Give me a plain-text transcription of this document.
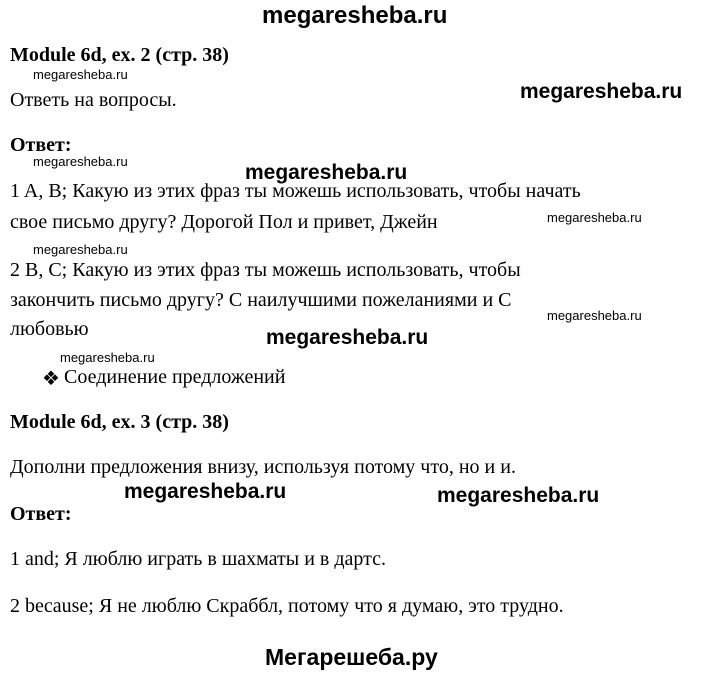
megaresheba.ru
Module 6d, ex. 2 (стр. 38)
megaresheba.ru
Ответь на вопросы.	megaresheba.ru
Ответ:
megaresheba.ru	megaresheba.ru
1 A, B; Какую из этих фраз ты можешь использовать, чтобы начать
свое письмо другу? Дорогой Пол и привет, Джейн	megaresheba.ru
megaresheba.ru
2 B, C; Какую из этих фраз ты можешь использовать, чтобы
закончить письмо другу? С наилучшими пожеланиями и С
megaresheba.ru
любовью	megaresheba.ru
megaresheba.ru
❖ Соединение предложений
Module 6d, ex. 3 (стр. 38)
Дополни предложения внизу, используя потому что, но и и.
megaresheba.ru	megaresheba.ru
Ответ:
1 and; Я люблю играть в шахматы и в дартс.
2 because; Я не люблю Скраббл, потому что я думаю, это трудно.
Мегарешеба.ру
